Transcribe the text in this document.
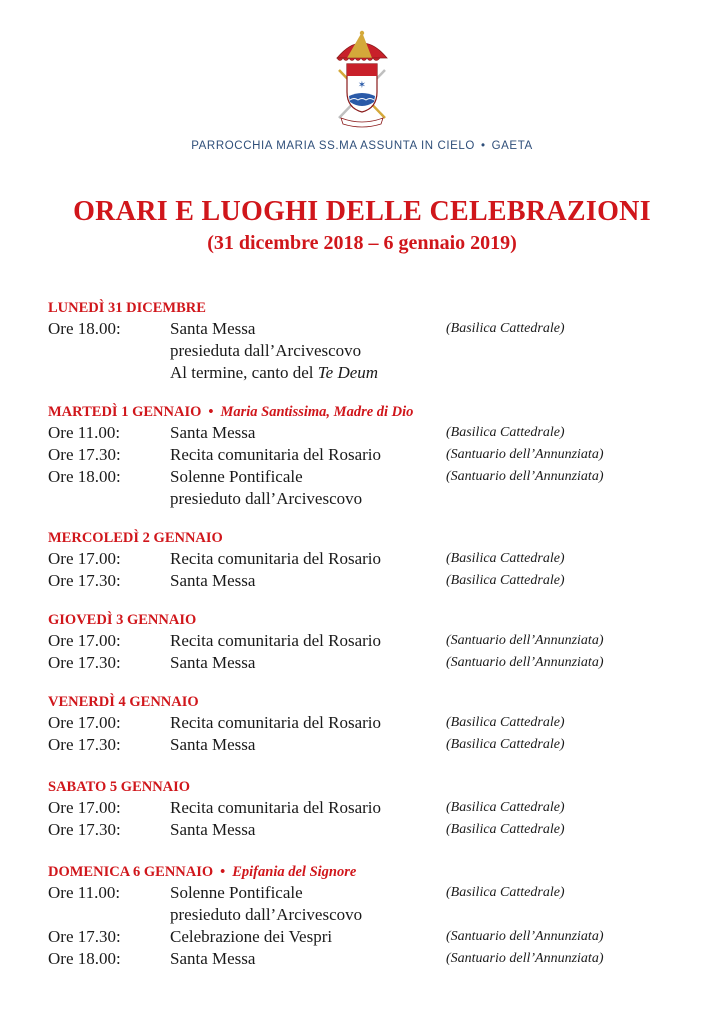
✶
PARROCCHIA MARIA SS.MA ASSUNTA IN CIELO • GAETA
ORARI E LUOGHI DELLE CELEBRAZIONI
(31 dicembre 2018 – 6 gennaio 2019)
LUNEDÌ 31 DICEMBRE
Ore 18.00:	Santa Messa	(Basilica Cattedrale)
presieduta dall’Arcivescovo
Al termine, canto del Te Deum
MARTEDÌ 1 GENNAIO • Maria Santissima, Madre di Dio
Ore 11.00:	Santa Messa	(Basilica Cattedrale)
Ore 17.30:	Recita comunitaria del Rosario	(Santuario dell’Annunziata)
Ore 18.00:	Solenne Pontificale	(Santuario dell’Annunziata)
presieduto dall’Arcivescovo
MERCOLEDÌ 2 GENNAIO
Ore 17.00:	Recita comunitaria del Rosario	(Basilica Cattedrale)
Ore 17.30:	Santa Messa	(Basilica Cattedrale)
GIOVEDÌ 3 GENNAIO
Ore 17.00:	Recita comunitaria del Rosario	(Santuario dell’Annunziata)
Ore 17.30:	Santa Messa	(Santuario dell’Annunziata)
VENERDÌ 4 GENNAIO
Ore 17.00:	Recita comunitaria del Rosario	(Basilica Cattedrale)
Ore 17.30:	Santa Messa	(Basilica Cattedrale)
SABATO 5 GENNAIO
Ore 17.00:	Recita comunitaria del Rosario	(Basilica Cattedrale)
Ore 17.30:	Santa Messa	(Basilica Cattedrale)
DOMENICA 6 GENNAIO • Epifania del Signore
Ore 11.00:	Solenne Pontificale	(Basilica Cattedrale)
presieduto dall’Arcivescovo
Ore 17.30:	Celebrazione dei Vespri	(Santuario dell’Annunziata)
Ore 18.00:	Santa Messa	(Santuario dell’Annunziata)
